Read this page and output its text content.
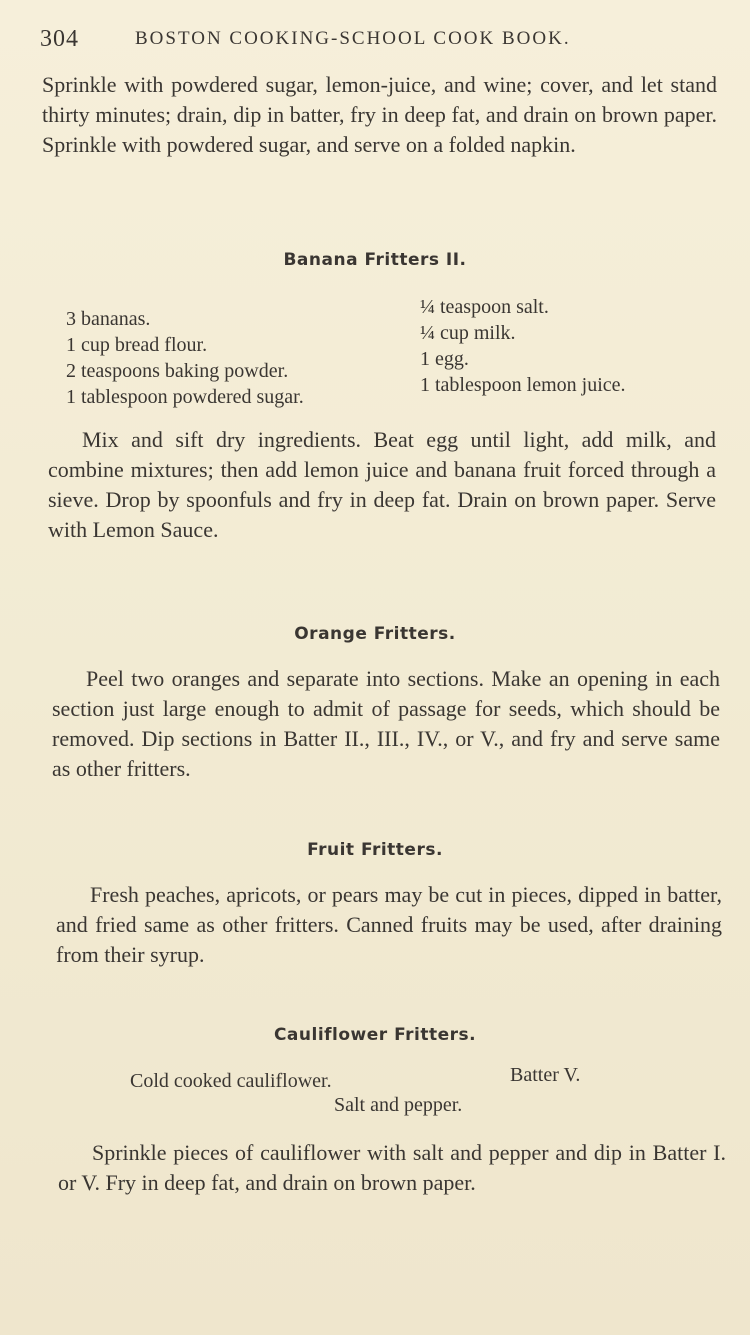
304	BOSTON COOKING-SCHOOL COOK BOOK.

Sprinkle with powdered sugar, lemon-juice, and wine; cover, and let stand thirty minutes; drain, dip in batter, fry in deep fat, and drain on brown paper. Sprinkle with powdered sugar, and serve on a folded napkin.

Banana Fritters II.
3 bananas.
1 cup bread flour.
2 teaspoons baking powder.
1 tablespoon powdered sugar.
¼ teaspoon salt.
¼ cup milk.
1 egg.
1 tablespoon lemon juice.

Mix and sift dry ingredients. Beat egg until light, add milk, and combine mixtures; then add lemon juice and banana fruit forced through a sieve. Drop by spoonfuls and fry in deep fat. Drain on brown paper. Serve with Lemon Sauce.

Orange Fritters.

Peel two oranges and separate into sections. Make an opening in each section just large enough to admit of passage for seeds, which should be removed. Dip sections in Batter II., III., IV., or V., and fry and serve same as other fritters.

Fruit Fritters.

Fresh peaches, apricots, or pears may be cut in pieces, dipped in batter, and fried same as other fritters. Canned fruits may be used, after draining from their syrup.

Cauliflower Fritters.
Cold cooked cauliflower.	Batter V.
Salt and pepper.

Sprinkle pieces of cauliflower with salt and pepper and dip in Batter I. or V. Fry in deep fat, and drain on brown paper.
